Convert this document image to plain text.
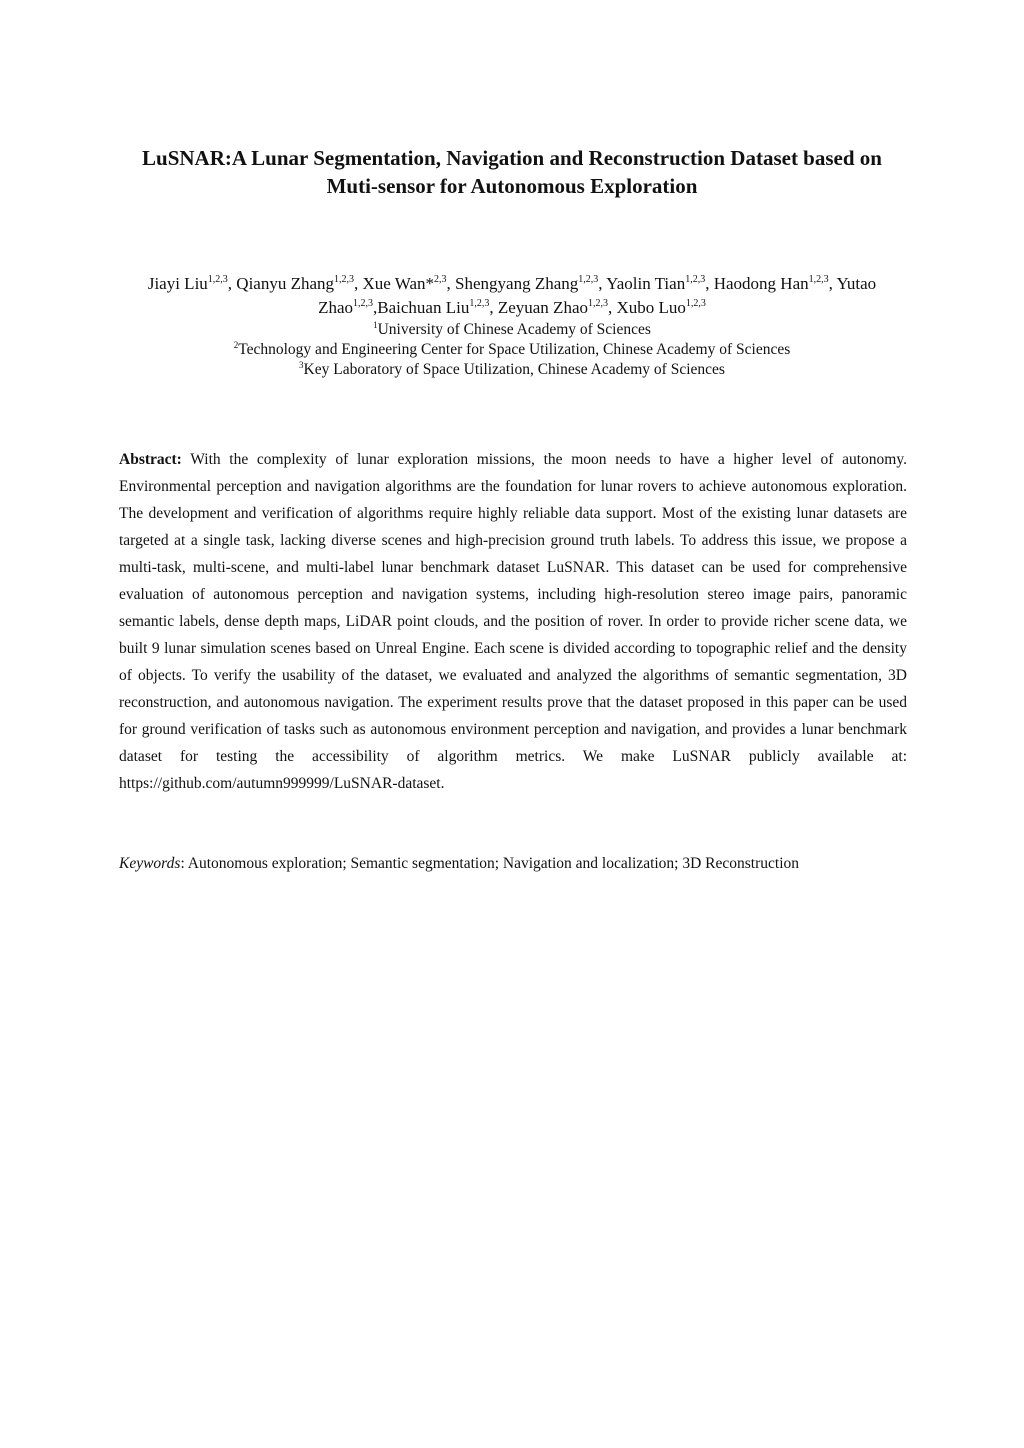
LuSNAR:A Lunar Segmentation, Navigation and Reconstruction Dataset based on
Muti-sensor for Autonomous Exploration
Jiayi Liu$^{1,2,3}$, Qianyu Zhang$^{1,2,3}$, Xue Wan*$^{2,3}$, Shengyang Zhang$^{1,2,3}$, Yaolin Tian$^{1,2,3}$, Haodong Han$^{1,2,3}$, Yutao
Zhao$^{1,2,3}$,Baichuan Liu$^{1,2,3}$, Zeyuan Zhao$^{1,2,3}$, Xubo Luo$^{1,2,3}$
$^1$University of Chinese Academy of Sciences
$^2$Technology and Engineering Center for Space Utilization, Chinese Academy of Sciences
$^3$Key Laboratory of Space Utilization, Chinese Academy of Sciences
Abstract: With the complexity of lunar exploration missions, the moon needs to have a higher level of autonomy. Environmental perception and navigation algorithms are the foundation for lunar rovers to achieve autonomous exploration. The development and verification of algorithms require highly reliable data support. Most of the existing lunar datasets are targeted at a single task, lacking diverse scenes and high-precision ground truth labels. To address this issue, we propose a multi-task, multi-scene, and multi-label lunar benchmark dataset LuSNAR. This dataset can be used for comprehensive evaluation of autonomous perception and navigation systems, including high-resolution stereo image pairs, panoramic semantic labels, dense depth maps, LiDAR point clouds, and the position of rover. In order to provide richer scene data, we built 9 lunar simulation scenes based on Unreal Engine. Each scene is divided according to topographic relief and the density of objects. To verify the usability of the dataset, we evaluated and analyzed the algorithms of semantic segmentation, 3D reconstruction, and autonomous navigation. The experiment results prove that the dataset proposed in this paper can be used for ground verification of tasks such as autonomous environment perception and navigation, and provides a lunar benchmark dataset for testing the accessibility of algorithm metrics. We make LuSNAR publicly available at: https://github.com/autumn999999/LuSNAR-dataset.
Keywords: Autonomous exploration; Semantic segmentation; Navigation and localization; 3D Reconstruction
